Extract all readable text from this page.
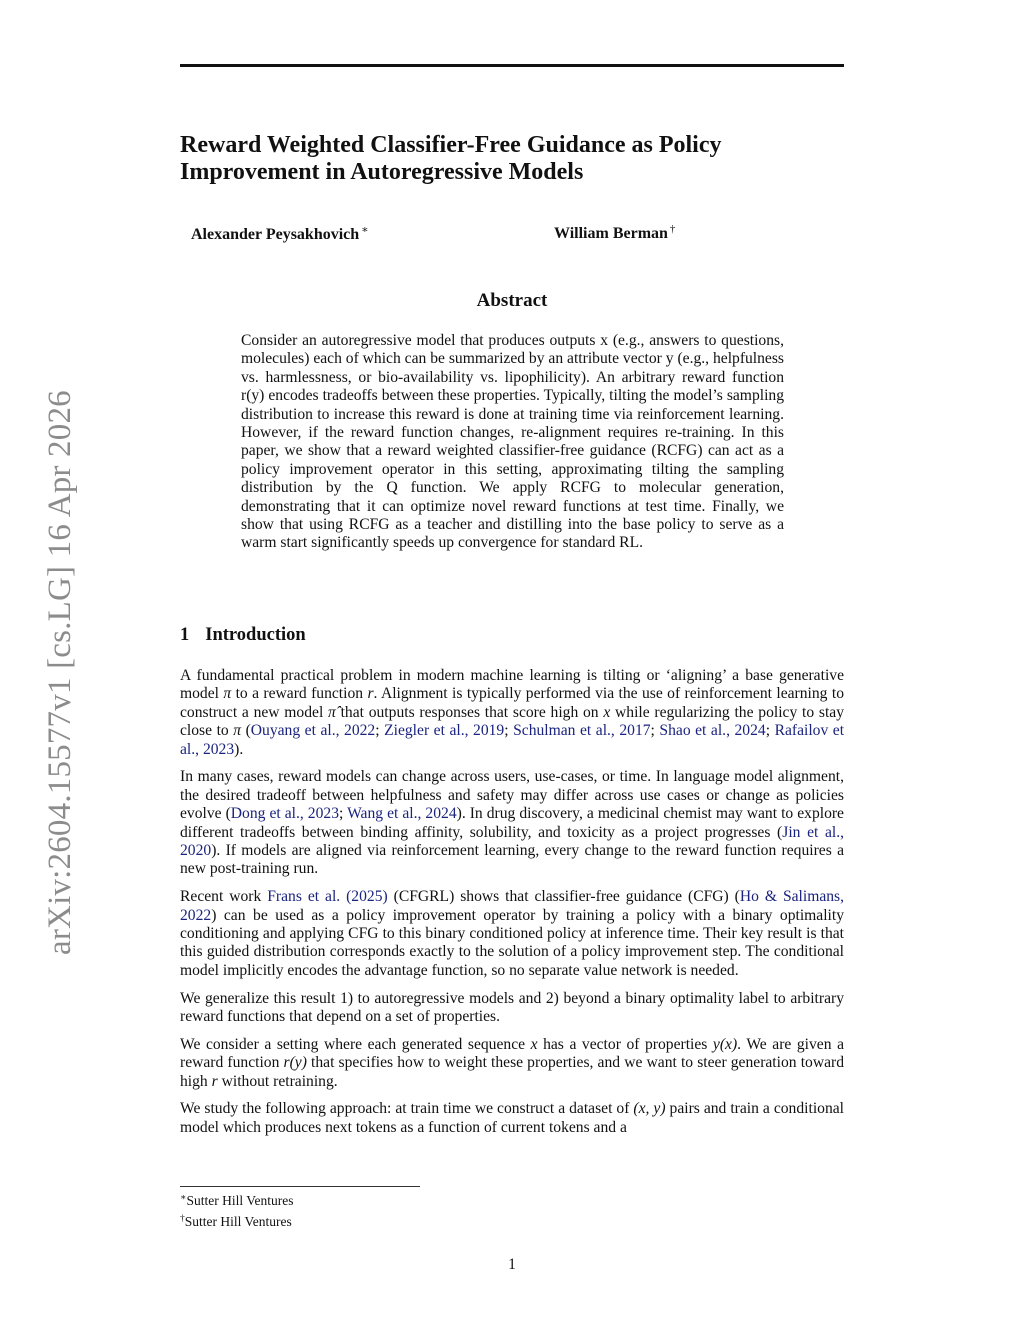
arXiv:2604.15577v1 [cs.LG] 16 Apr 2026
Reward Weighted Classifier-Free Guidance as Policy Improvement in Autoregressive Models
Alexander Peysakhovich ∗	William Berman †
Abstract
Consider an autoregressive model that produces outputs x (e.g., answers to questions, molecules) each of which can be summarized by an attribute vector y (e.g., helpfulness vs. harmlessness, or bio-availability vs. lipophilicity). An arbitrary reward function r(y) encodes tradeoffs between these properties. Typically, tilting the model’s sampling distribution to increase this reward is done at training time via reinforcement learning. However, if the reward function changes, re-alignment requires re-training. In this paper, we show that a reward weighted classifier-free guidance (RCFG) can act as a policy improvement operator in this setting, approximating tilting the sampling distribution by the Q function. We apply RCFG to molecular generation, demonstrating that it can optimize novel reward functions at test time. Finally, we show that using RCFG as a teacher and distilling into the base policy to serve as a warm start significantly speeds up convergence for standard RL.
1 Introduction

A fundamental practical problem in modern machine learning is tilting or ‘aligning’ a base generative model π to a reward function r. Alignment is typically performed via the use of reinforcement learning to construct a new model π̂ that outputs responses that score high on x while regularizing the policy to stay close to π (Ouyang et al., 2022; Ziegler et al., 2019; Schulman et al., 2017; Shao et al., 2024; Rafailov et al., 2023).

In many cases, reward models can change across users, use-cases, or time. In language model alignment, the desired tradeoff between helpfulness and safety may differ across use cases or change as policies evolve (Dong et al., 2023; Wang et al., 2024). In drug discovery, a medicinal chemist may want to explore different tradeoffs between binding affinity, solubility, and toxicity as a project progresses (Jin et al., 2020). If models are aligned via reinforcement learning, every change to the reward function requires a new post-training run.

Recent work Frans et al. (2025) (CFGRL) shows that classifier-free guidance (CFG) (Ho & Salimans, 2022) can be used as a policy improvement operator by training a policy with a binary optimality conditioning and applying CFG to this binary conditioned policy at inference time. Their key result is that this guided distribution corresponds exactly to the solution of a policy improvement step. The conditional model implicitly encodes the advantage function, so no separate value network is needed.

We generalize this result 1) to autoregressive models and 2) beyond a binary optimality label to arbitrary reward functions that depend on a set of properties.

We consider a setting where each generated sequence x has a vector of properties y(x). We are given a reward function r(y) that specifies how to weight these properties, and we want to steer generation toward high r without retraining.

We study the following approach: at train time we construct a dataset of (x, y) pairs and train a conditional model which produces next tokens as a function of current tokens and a

∗Sutter Hill Ventures
†Sutter Hill Ventures
1
